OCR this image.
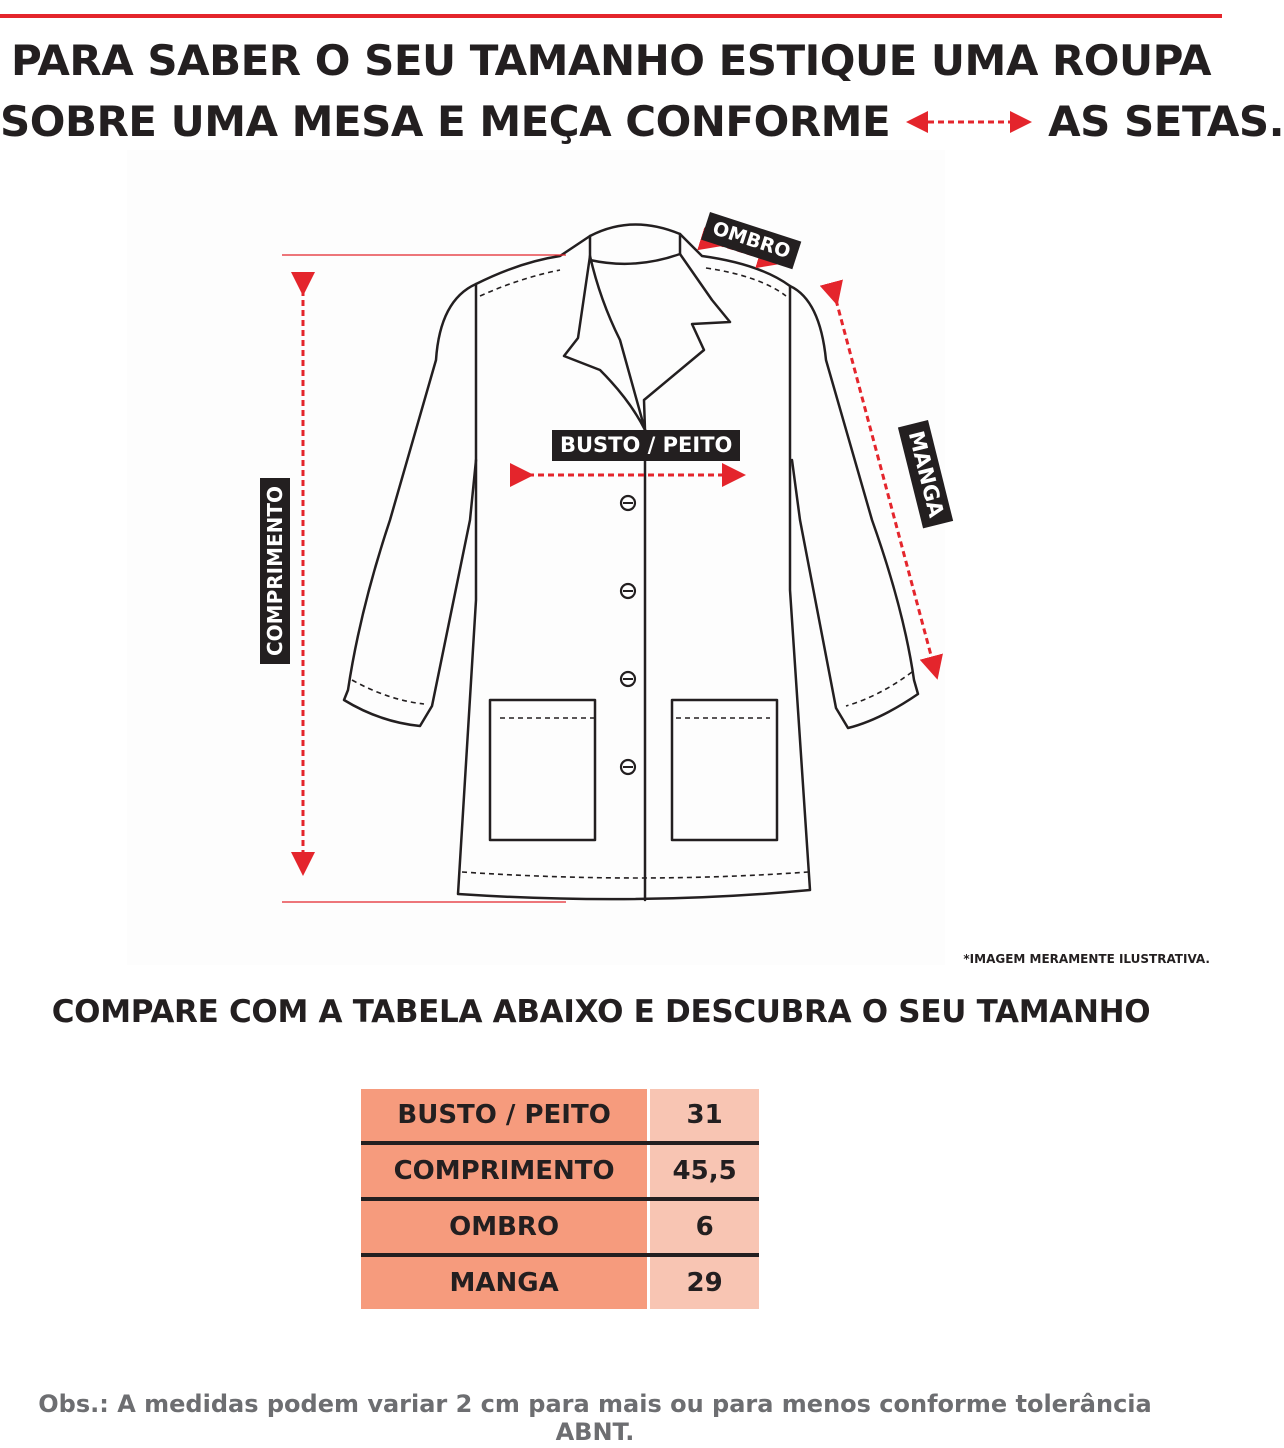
PARA SABER O SEU TAMANHO ESTIQUE UMA ROUPA
SOBRE UMA MESA E MEÇA CONFORME	AS SETAS.
OMBRO
BUSTO / PEITO	MANGA
COMPRIMENTO
*IMAGEM MERAMENTE ILUSTRATIVA.
COMPARE COM A TABELA ABAIXO E DESCUBRA O SEU TAMANHO
BUSTO / PEITO	31
COMPRIMENTO	45,5
OMBRO	6
MANGA	29
Obs.: A medidas podem variar 2 cm para mais ou para menos conforme tolerância ABNT.
